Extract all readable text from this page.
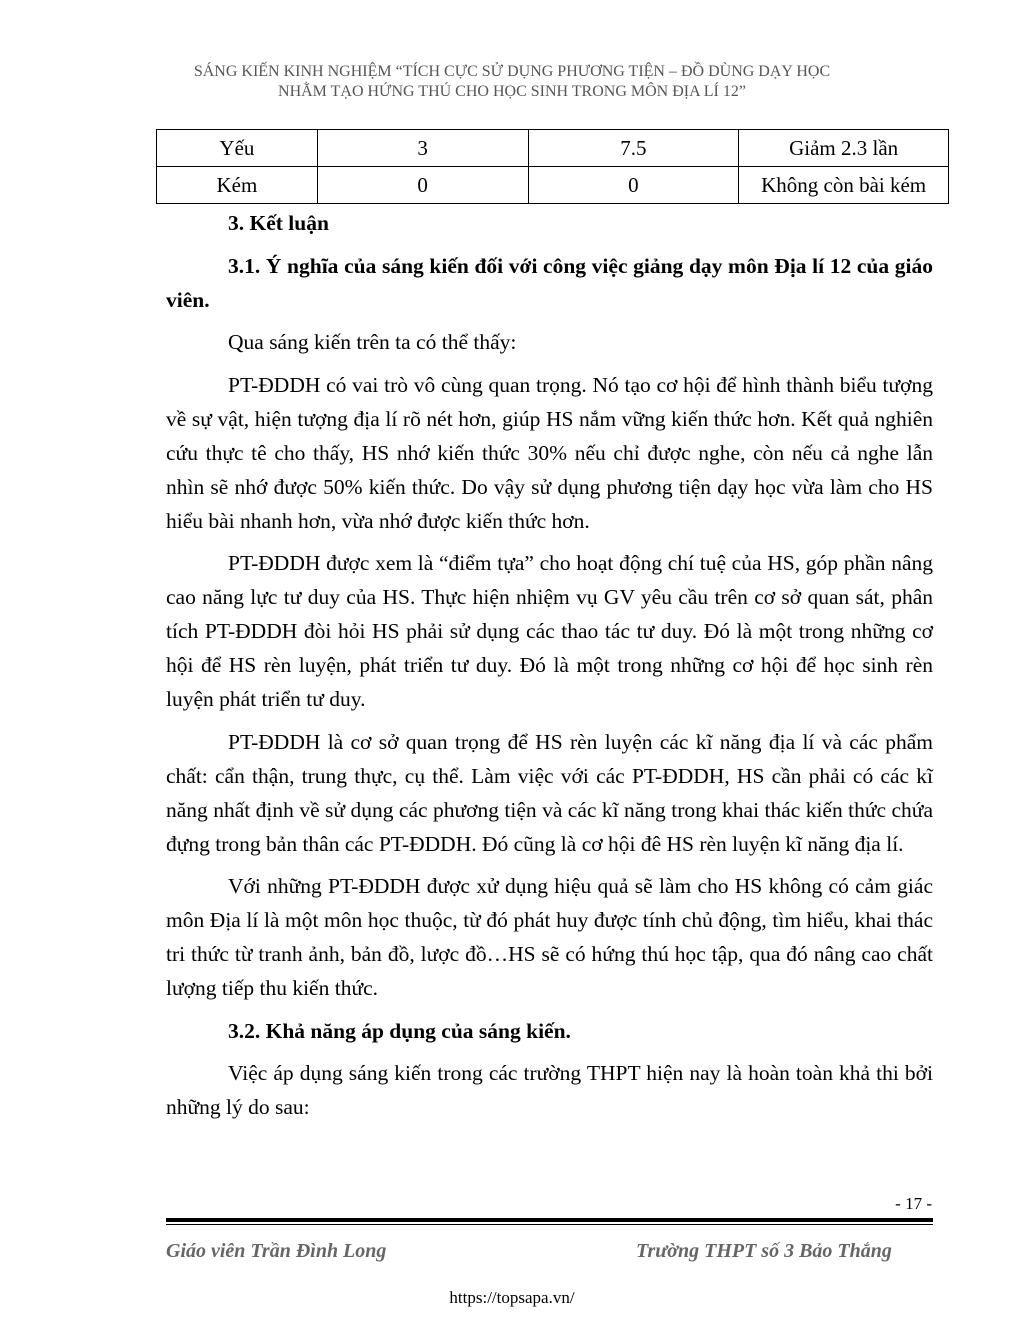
SÁNG KIẾN KINH NGHIỆM “TÍCH CỰC SỬ DỤNG PHƯƠNG TIỆN – ĐỒ DÙNG DẠY HỌC
NHẰM TẠO HỨNG THÚ CHO HỌC SINH TRONG MÔN ĐỊA LÍ 12”
Yếu	3	7.5	Giảm 2.3 lần
Kém	0	0	Không còn bài kém

3. Kết luận

3.1. Ý nghĩa của sáng kiến đối với công việc giảng dạy môn Địa lí 12 của giáo viên.

Qua sáng kiến trên ta có thể thấy:

PT-ĐDDH có vai trò vô cùng quan trọng. Nó tạo cơ hội để hình thành biểu tượng về sự vật, hiện tượng địa lí rõ nét hơn, giúp HS nắm vững kiến thức hơn. Kết quả nghiên cứu thực tê cho thấy, HS nhớ kiến thức 30% nếu chỉ được nghe, còn nếu cả nghe lẫn nhìn sẽ nhớ được 50% kiến thức. Do vậy sử dụng phương tiện dạy học vừa làm cho HS hiểu bài nhanh hơn, vừa nhớ được kiến thức hơn.

PT-ĐDDH được xem là “điểm tựa” cho hoạt động chí tuệ của HS, góp phần nâng cao năng lực tư duy của HS. Thực hiện nhiệm vụ GV yêu cầu trên cơ sở quan sát, phân tích PT-ĐDDH đòi hỏi HS phải sử dụng các thao tác tư duy. Đó là một trong những cơ hội để HS rèn luyện, phát triển tư duy. Đó là một trong những cơ hội để học sinh rèn luyện phát triển tư duy.

PT-ĐDDH là cơ sở quan trọng để HS rèn luyện các kĩ năng địa lí và các phẩm chất: cẩn thận, trung thực, cụ thể. Làm việc với các PT-ĐDDH, HS cần phải có các kĩ năng nhất định về sử dụng các phương tiện và các kĩ năng trong khai thác kiến thức chứa đựng trong bản thân các PT-ĐDDH. Đó cũng là cơ hội đê HS rèn luyện kĩ năng địa lí.

Với những PT-ĐDDH được xử dụng hiệu quả sẽ làm cho HS không có cảm giác môn Địa lí là một môn học thuộc, từ đó phát huy được tính chủ động, tìm hiểu, khai thác tri thức từ tranh ảnh, bản đồ, lược đồ…HS sẽ có hứng thú học tập, qua đó nâng cao chất lượng tiếp thu kiến thức.

3.2. Khả năng áp dụng của sáng kiến.

Việc áp dụng sáng kiến trong các trường THPT hiện nay là hoàn toàn khả thi bởi những lý do sau:

- 17 -
Giáo viên Trần Đình Long	Trường THPT số 3 Bảo Thắng
https://topsapa.vn/
